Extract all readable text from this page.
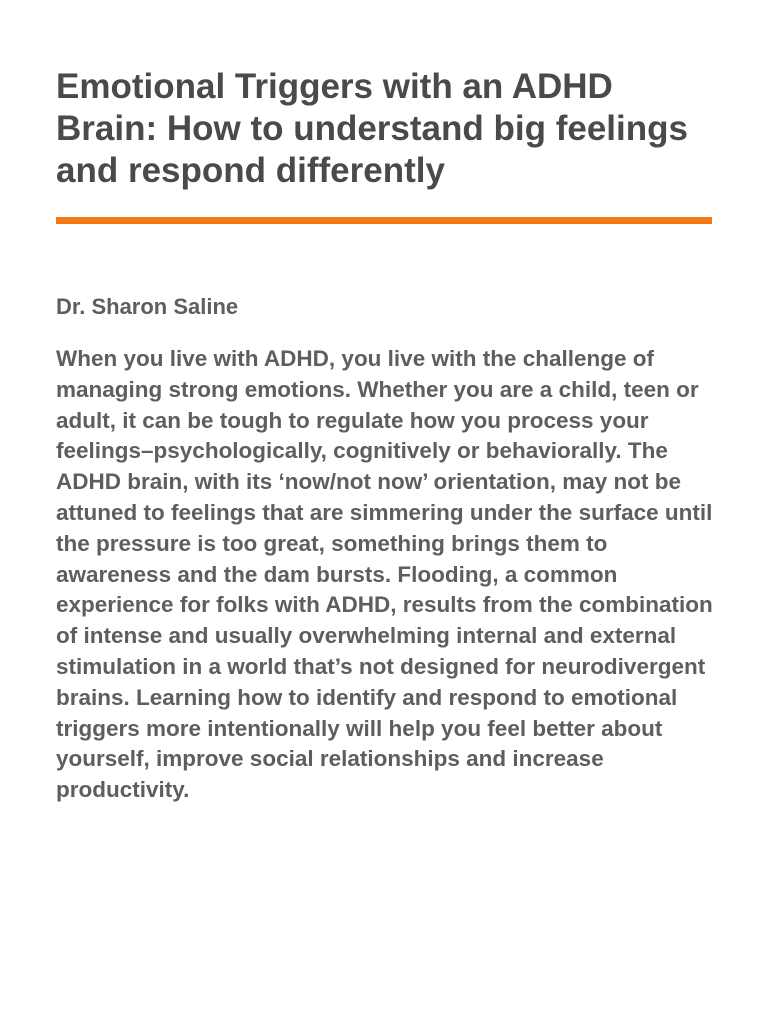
Emotional Triggers with an ADHD Brain: How to understand big feelings and respond differently

Dr. Sharon Saline

When you live with ADHD, you live with the challenge of managing strong emotions. Whether you are a child, teen or adult, it can be tough to regulate how you process your feelings–psychologically, cognitively or behaviorally. The ADHD brain, with its ‘now/not now’ orientation, may not be attuned to feelings that are simmering under the surface until the pressure is too great, something brings them to awareness and the dam bursts. Flooding, a common experience for folks with ADHD, results from the combination of intense and usually overwhelming internal and external stimulation in a world that’s not designed for neurodivergent brains. Learning how to identify and respond to emotional triggers more intentionally will help you feel better about yourself, improve social relationships and increase productivity.
